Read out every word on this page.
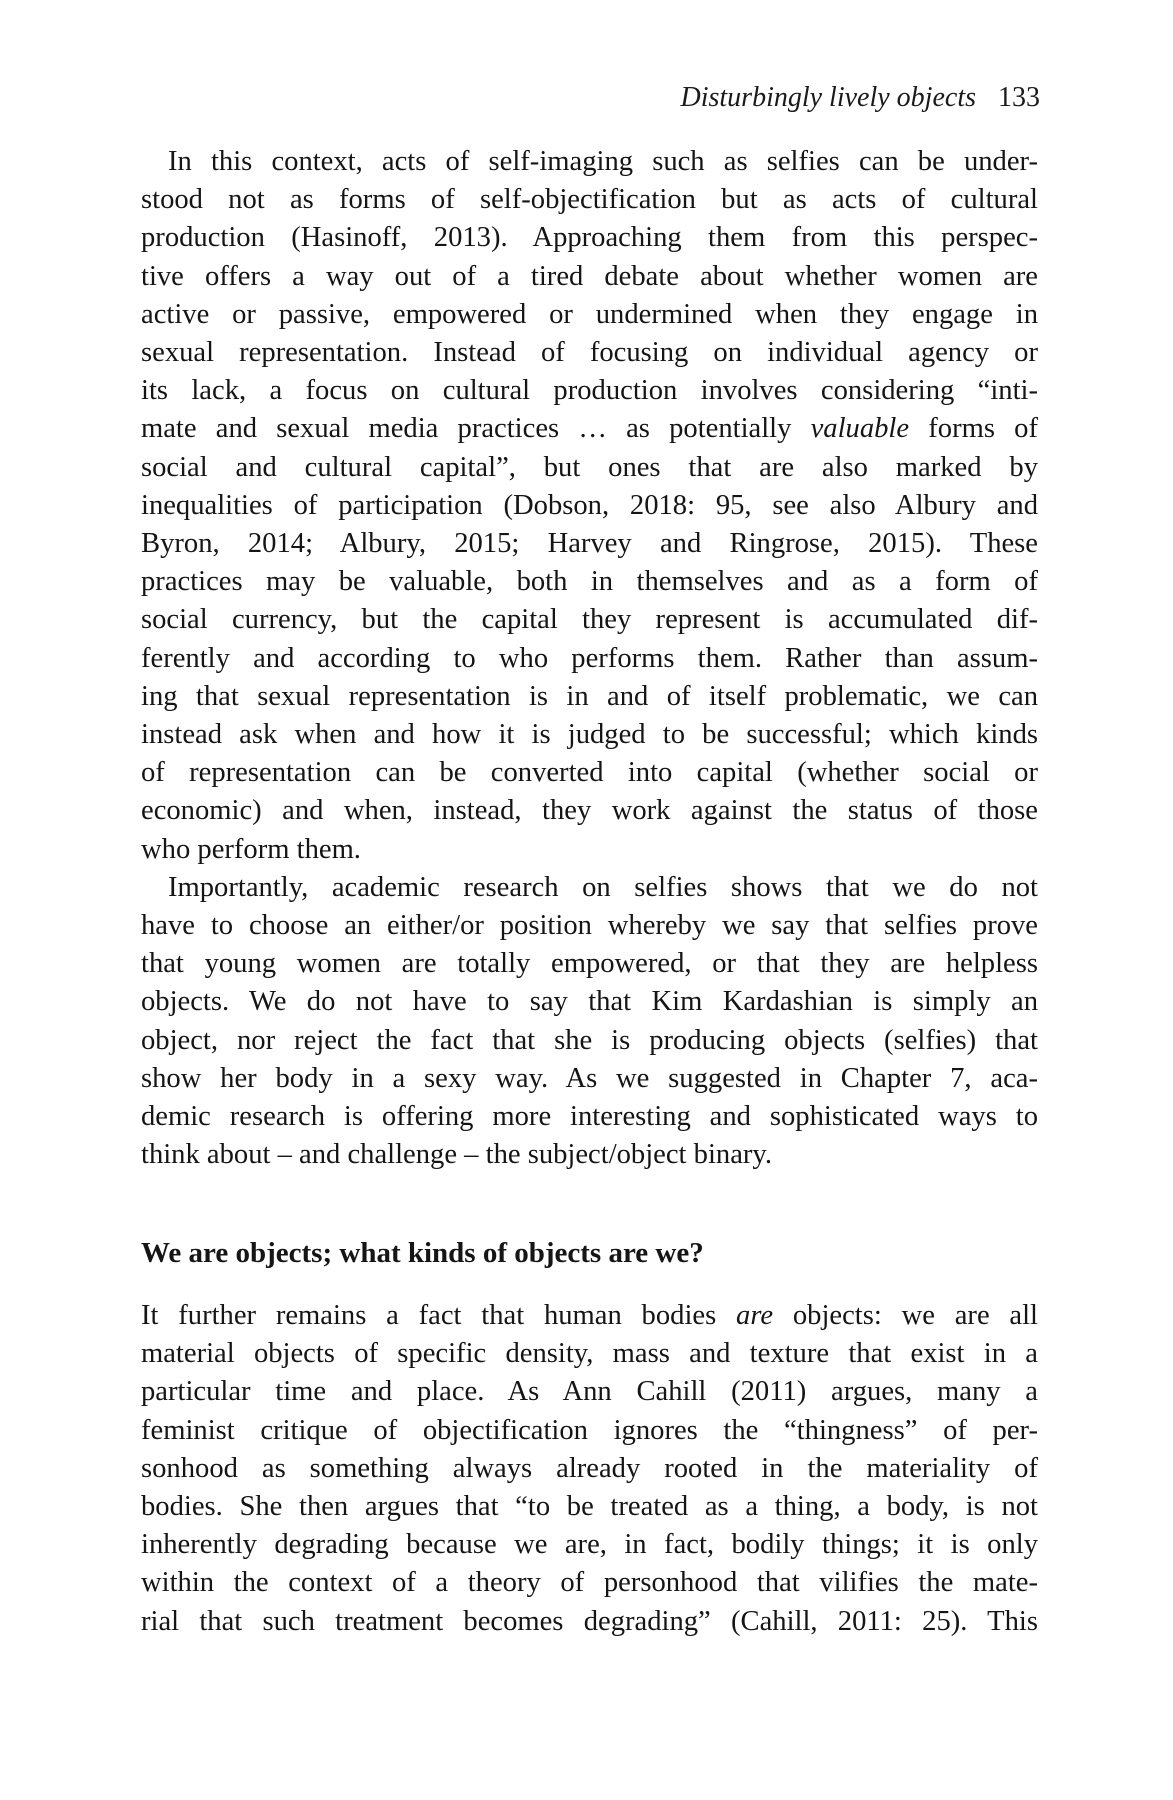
Disturbingly lively objects 133

In this context, acts of self-imaging such as selfies can be under-
stood not as forms of self-objectification but as acts of cultural
production (Hasinoff, 2013). Approaching them from this perspec-
tive offers a way out of a tired debate about whether women are
active or passive, empowered or undermined when they engage in
sexual representation. Instead of focusing on individual agency or
its lack, a focus on cultural production involves considering “inti-
mate and sexual media practices … as potentially valuable forms of
social and cultural capital”, but ones that are also marked by
inequalities of participation (Dobson, 2018: 95, see also Albury and
Byron, 2014; Albury, 2015; Harvey and Ringrose, 2015). These
practices may be valuable, both in themselves and as a form of
social currency, but the capital they represent is accumulated dif-
ferently and according to who performs them. Rather than assum-
ing that sexual representation is in and of itself problematic, we can
instead ask when and how it is judged to be successful; which kinds
of representation can be converted into capital (whether social or
economic) and when, instead, they work against the status of those
who perform them.

Importantly, academic research on selfies shows that we do not
have to choose an either/or position whereby we say that selfies prove
that young women are totally empowered, or that they are helpless
objects. We do not have to say that Kim Kardashian is simply an
object, nor reject the fact that she is producing objects (selfies) that
show her body in a sexy way. As we suggested in Chapter 7, aca-
demic research is offering more interesting and sophisticated ways to
think about – and challenge – the subject/object binary.

We are objects; what kinds of objects are we?

It further remains a fact that human bodies are objects: we are all
material objects of specific density, mass and texture that exist in a
particular time and place. As Ann Cahill (2011) argues, many a
feminist critique of objectification ignores the “thingness” of per-
sonhood as something always already rooted in the materiality of
bodies. She then argues that “to be treated as a thing, a body, is not
inherently degrading because we are, in fact, bodily things; it is only
within the context of a theory of personhood that vilifies the mate-
rial that such treatment becomes degrading” (Cahill, 2011: 25). This
